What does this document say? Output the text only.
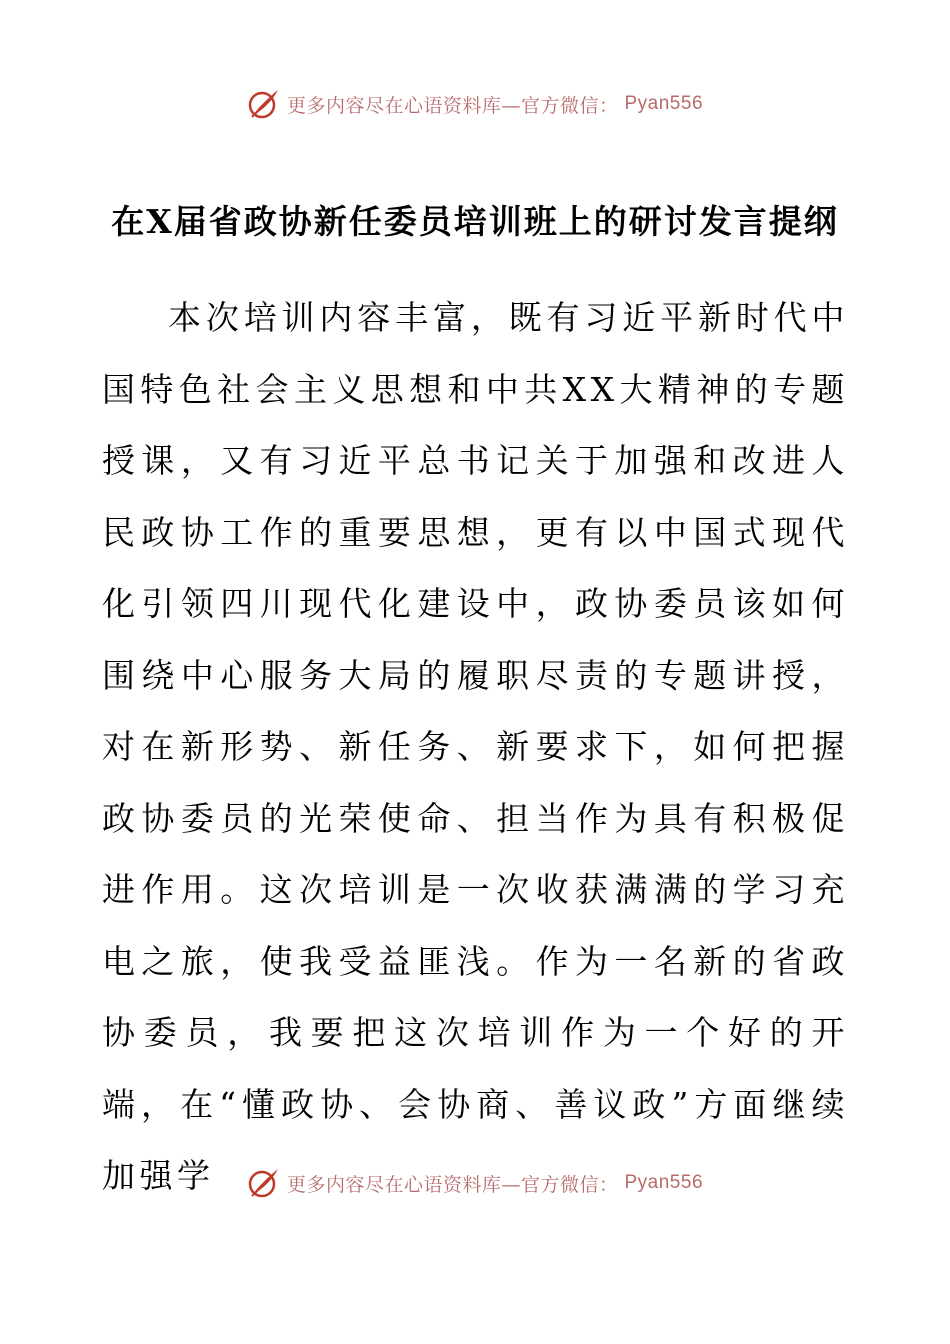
更多内容尽在心语资料库—官方微信： Pyan556
在X届省政协新任委员培训班上的研讨发言提纲

本次培训内容丰富，既有习近平新时代中国特色社会主义思想和中共XX大精神的专题授课，又有习近平总书记关于加强和改进人民政协工作的重要思想，更有以中国式现代化引领四川现代化建设中，政协委员该如何围绕中心服务大局的履职尽责的专题讲授，对在新形势、新任务、新要求下，如何把握政协委员的光荣使命、担当作为具有积极促进作用。这次培训是一次收获满满的学习充电之旅，使我受益匪浅。作为一名新的省政协委员，我要把这次培训作为一个好的开端，在“懂政协、会协商、善议政”方面继续加强学	更多内容尽在心语资料库—官方微信： Pyan556
